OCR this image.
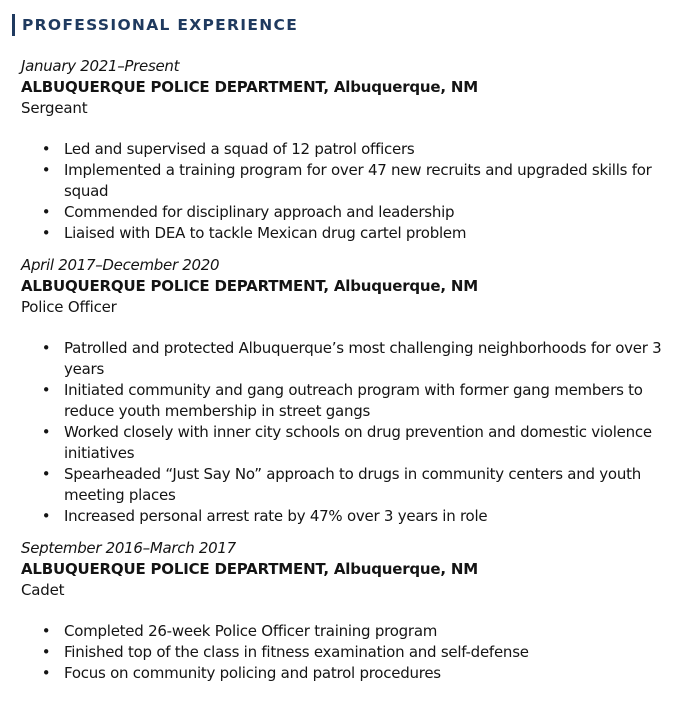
PROFESSIONAL EXPERIENCE
January 2021–Present
ALBUQUERQUE POLICE DEPARTMENT, Albuquerque, NM
Sergeant
• Led and supervised a squad of 12 patrol officers
• Implemented a training program for over 47 new recruits and upgraded skills for squad
• Commended for disciplinary approach and leadership
• Liaised with DEA to tackle Mexican drug cartel problem
April 2017–December 2020
ALBUQUERQUE POLICE DEPARTMENT, Albuquerque, NM
Police Officer
• Patrolled and protected Albuquerque’s most challenging neighborhoods for over 3 years
• Initiated community and gang outreach program with former gang members to reduce youth membership in street gangs
• Worked closely with inner city schools on drug prevention and domestic violence initiatives
• Spearheaded “Just Say No” approach to drugs in community centers and youth meeting places
• Increased personal arrest rate by 47% over 3 years in role
September 2016–March 2017
ALBUQUERQUE POLICE DEPARTMENT, Albuquerque, NM
Cadet
• Completed 26-week Police Officer training program
• Finished top of the class in fitness examination and self-defense
• Focus on community policing and patrol procedures
